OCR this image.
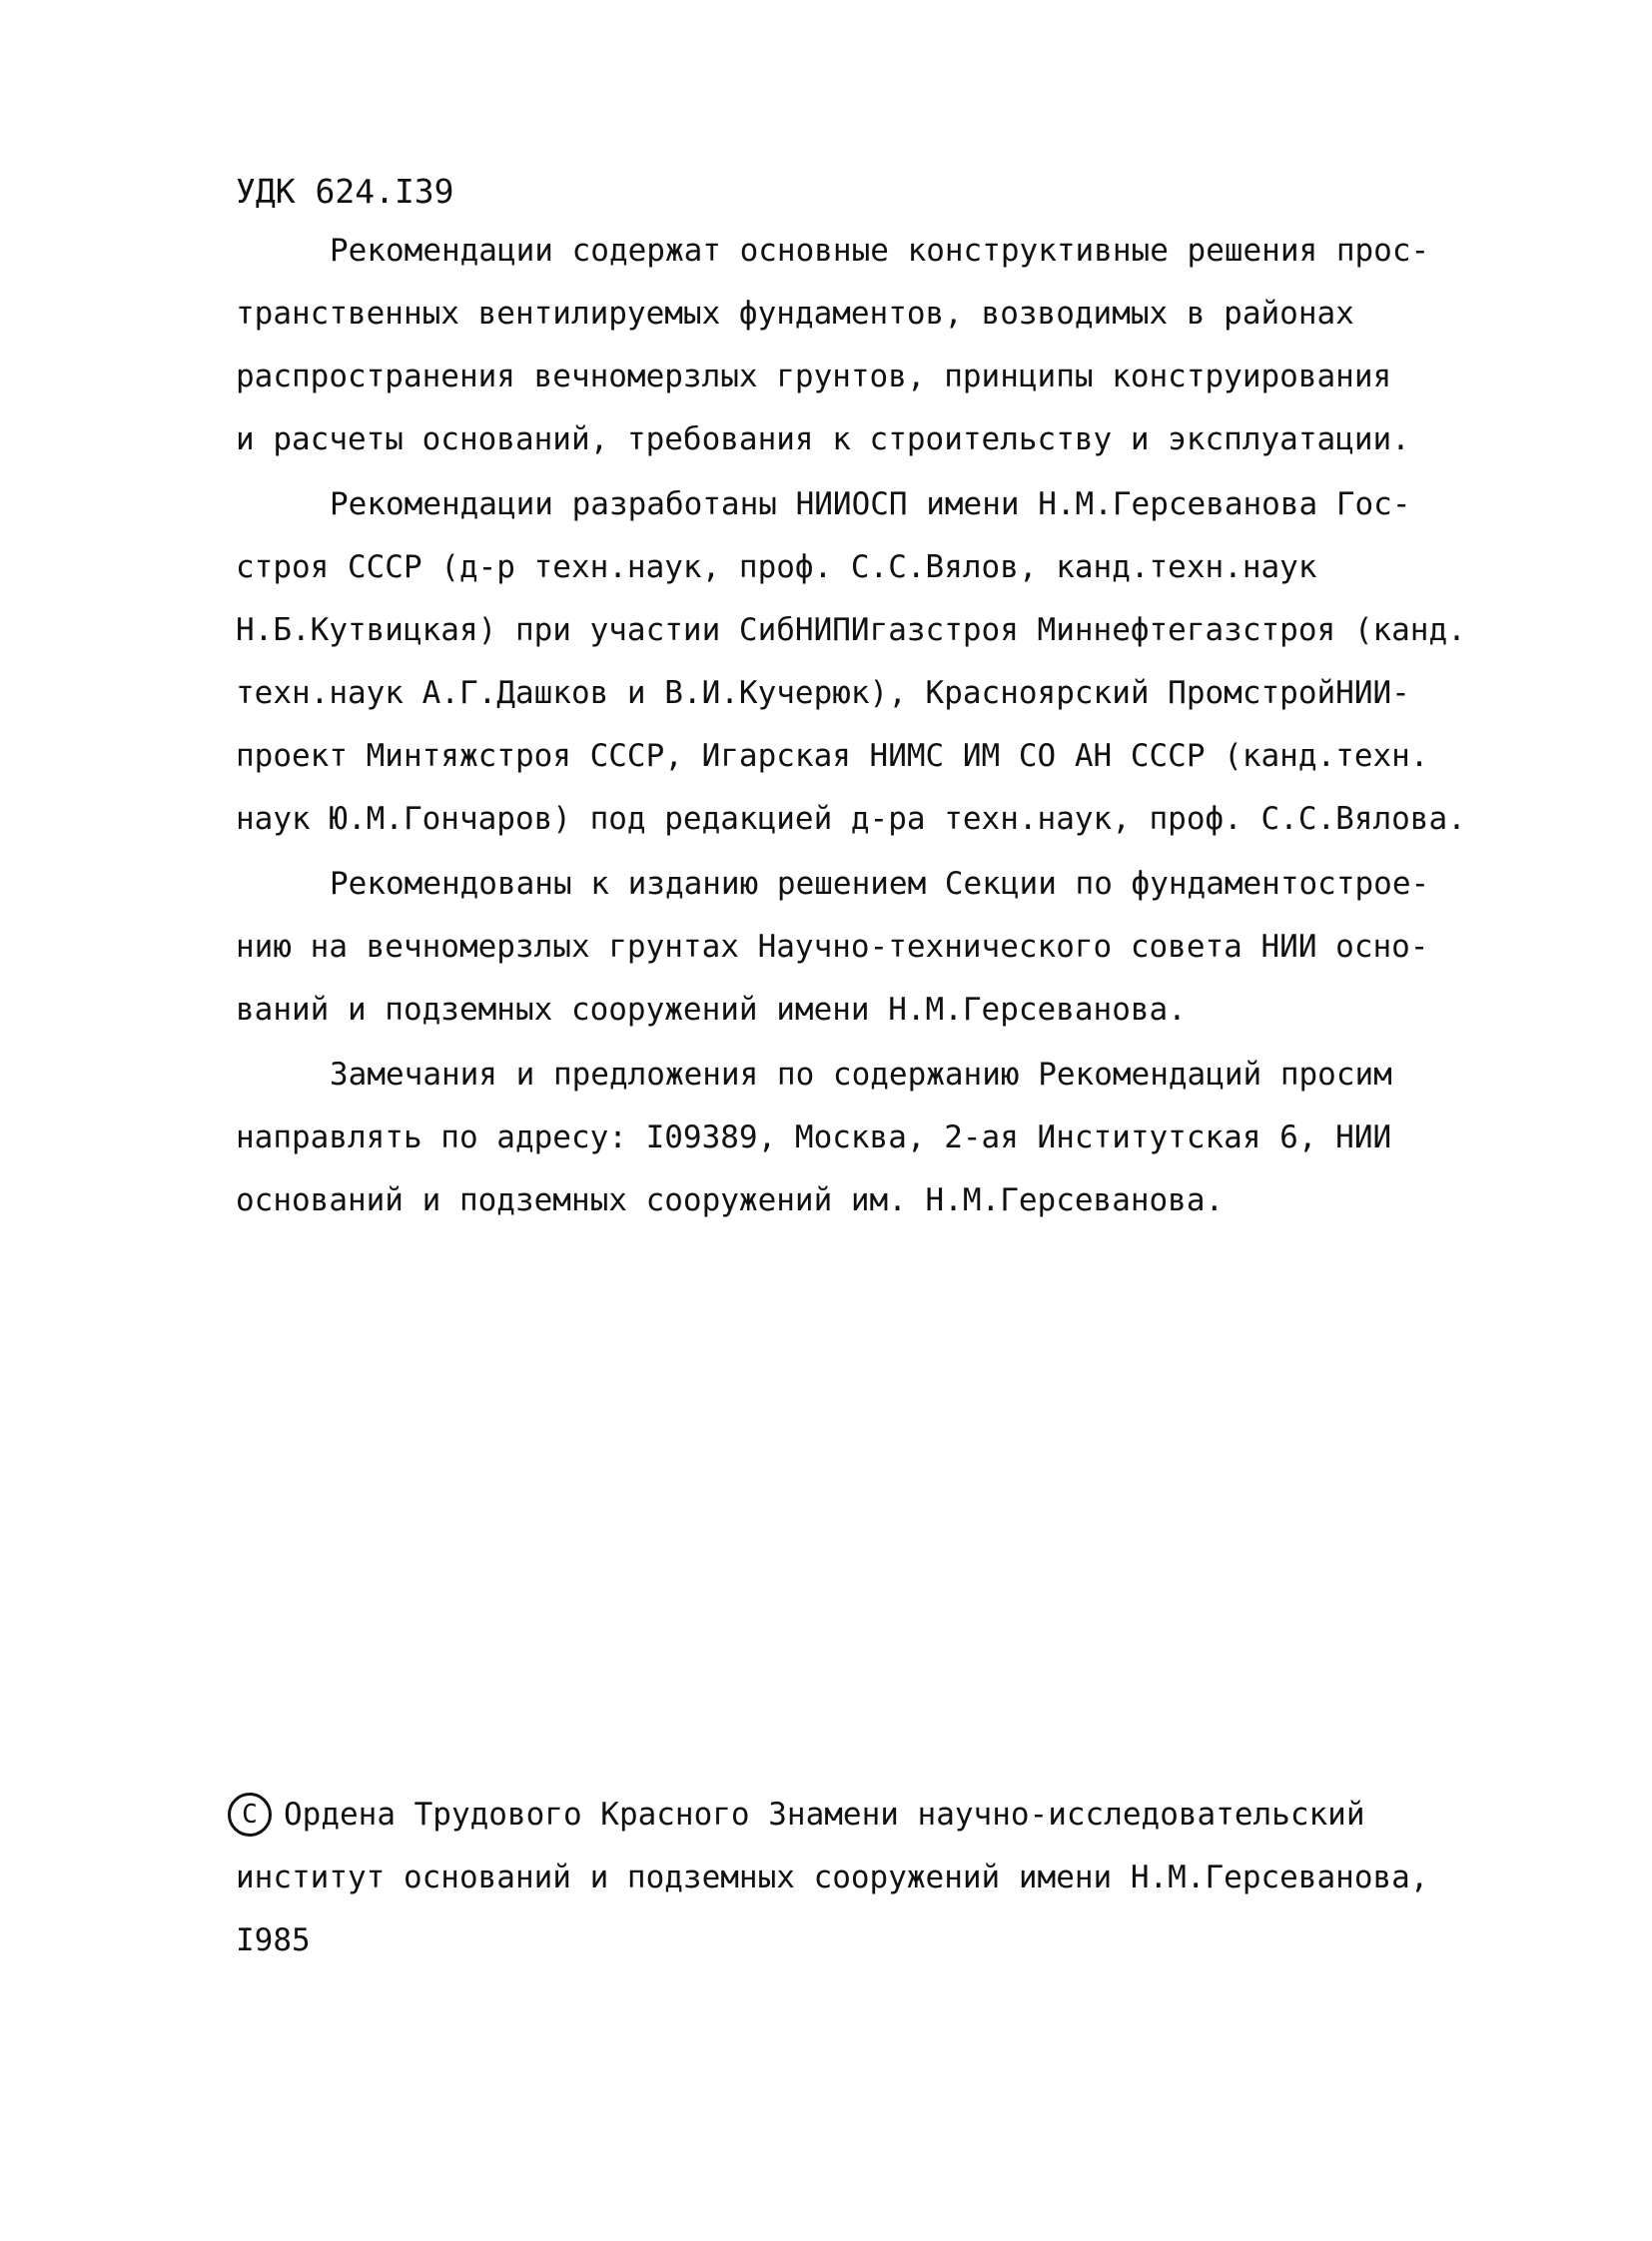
УДК 624.I39

Рекомендации содержат основные конструктивные решения прос-
транственных вентилируемых фундаментов, возводимых в районах
распространения вечномерзлых грунтов, принципы конструирования
и расчеты оснований, требования к строительству и эксплуатации.

Рекомендации разработаны НИИОСП имени Н.М.Герсеванова Гос-
строя СССР (д-р техн.наук, проф. С.С.Вялов, канд.техн.наук
Н.Б.Кутвицкая) при участии СибНИПИгазстроя Миннефтегазстроя (канд.
техн.наук А.Г.Дашков и В.И.Кучерюк), Красноярский ПромстройНИИ-
проект Минтяжстроя СССР, Игарская НИМС ИМ СО АН СССР (канд.техн.
наук Ю.М.Гончаров) под редакцией д-ра техн.наук, проф. С.С.Вялова.

Рекомендованы к изданию решением Секции по фундаментострое-
нию на вечномерзлых грунтах Научно-технического совета НИИ осно-
ваний и подземных сооружений имени Н.М.Герсеванова.

Замечания и предложения по содержанию Рекомендаций просим
направлять по адресу: I09389, Москва, 2-ая Институтская 6, НИИ
оснований и подземных сооружений им. Н.М.Герсеванова.

C Ордена Трудового Красного Знамени научно-исследовательский
институт оснований и подземных сооружений имени Н.М.Герсеванова,
I985
